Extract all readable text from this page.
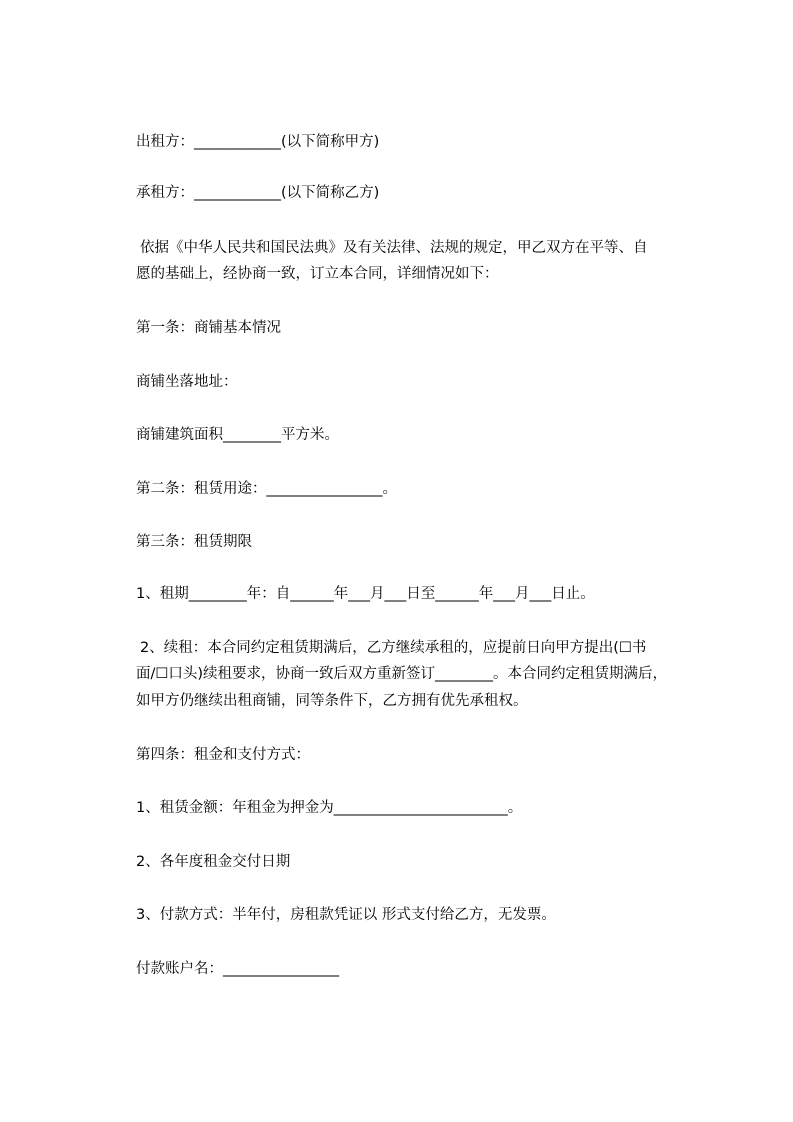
出租方：____________(以下简称甲方)
承租方：____________(以下简称乙方)
依据《中华人民共和国民法典》及有关法律、法规的规定，甲乙双方在平等、自
愿的基础上，经协商一致，订立本合同，详细情况如下：
第一条：商铺基本情况
商铺坐落地址：
商铺建筑面积________平方米。
第二条：租赁用途：________________。
第三条：租赁期限
1、租期________年：自______年___月___日至______年___月___日止。
2、续租：本合同约定租赁期满后，乙方继续承租的，应提前日向甲方提出(☐书
面/☐口头)续租要求，协商一致后双方重新签订________。本合同约定租赁期满后，
如甲方仍继续出租商铺，同等条件下，乙方拥有优先承租权。
第四条：租金和支付方式：
1、租赁金额：年租金为押金为________________________。
2、各年度租金交付日期
3、付款方式：半年付，房租款凭证以 形式支付给乙方，无发票。
付款账户名：________________
